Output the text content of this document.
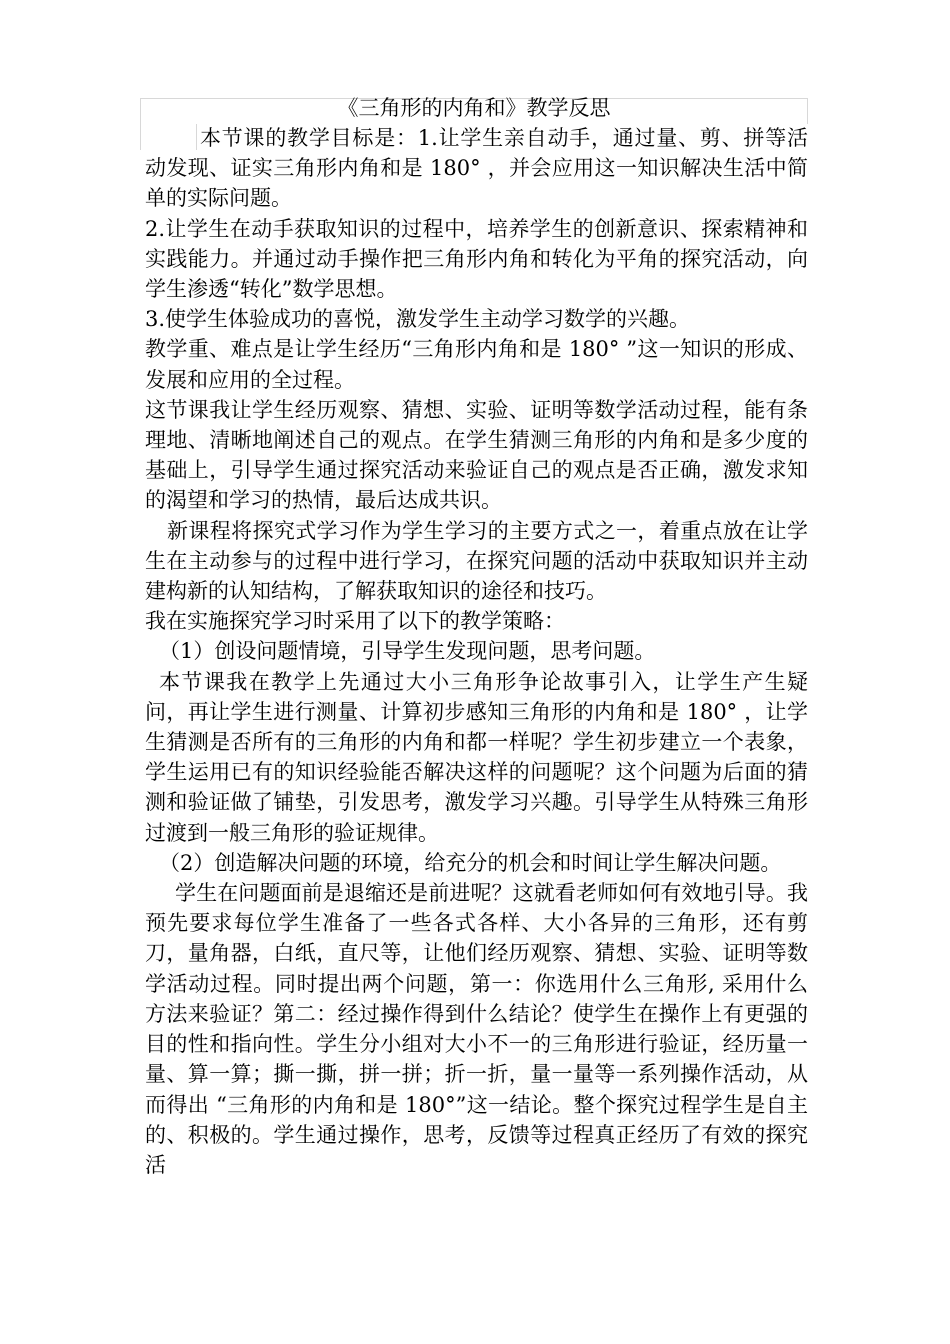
《三角形的内角和》教学反思

本节课的教学目标是：1.让学生亲自动手，通过量、剪、拼等活动发现、证实三角形内角和是 180° ，并会应用这一知识解决生活中简单的实际问题。

2.让学生在动手获取知识的过程中，培养学生的创新意识、探索精神和实践能力。并通过动手操作把三角形内角和转化为平角的探究活动，向学生渗透“转化”数学思想。

3.使学生体验成功的喜悦，激发学生主动学习数学的兴趣。

教学重、难点是让学生经历“三角形内角和是 180° ”这一知识的形成、发展和应用的全过程。

这节课我让学生经历观察、猜想、实验、证明等数学活动过程，能有条理地、清晰地阐述自己的观点。在学生猜测三角形的内角和是多少度的基础上，引导学生通过探究活动来验证自己的观点是否正确，激发求知的渴望和学习的热情，最后达成共识。

新课程将探究式学习作为学生学习的主要方式之一，着重点放在让学生在主动参与的过程中进行学习，在探究问题的活动中获取知识并主动建构新的认知结构，了解获取知识的途径和技巧。

我在实施探究学习时采用了以下的教学策略：

（1）创设问题情境，引导学生发现问题，思考问题。

本节课我在教学上先通过大小三角形争论故事引入，让学生产生疑问，再让学生进行测量、计算初步感知三角形的内角和是 180° ，让学生猜测是否所有的三角形的内角和都一样呢？学生初步建立一个表象，学生运用已有的知识经验能否解决这样的问题呢？这个问题为后面的猜测和验证做了铺垫，引发思考，激发学习兴趣。引导学生从特殊三角形过渡到一般三角形的验证规律。

（2）创造解决问题的环境，给充分的机会和时间让学生解决问题。

学生在问题面前是退缩还是前进呢？这就看老师如何有效地引导。我预先要求每位学生准备了一些各式各样、大小各异的三角形，还有剪刀，量角器，白纸，直尺等，让他们经历观察、猜想、实验、证明等数学活动过程。同时提出两个问题，第一：你选用什么三角形, 采用什么方法来验证？第二：经过操作得到什么结论？使学生在操作上有更强的目的性和指向性。学生分小组对大小不一的三角形进行验证，经历量一量、算一算；撕一撕，拼一拼；折一折，量一量等一系列操作活动，从而得出 “三角形的内角和是 180°”这一结论。整个探究过程学生是自主的、积极的。学生通过操作，思考，反馈等过程真正经历了有效的探究活
